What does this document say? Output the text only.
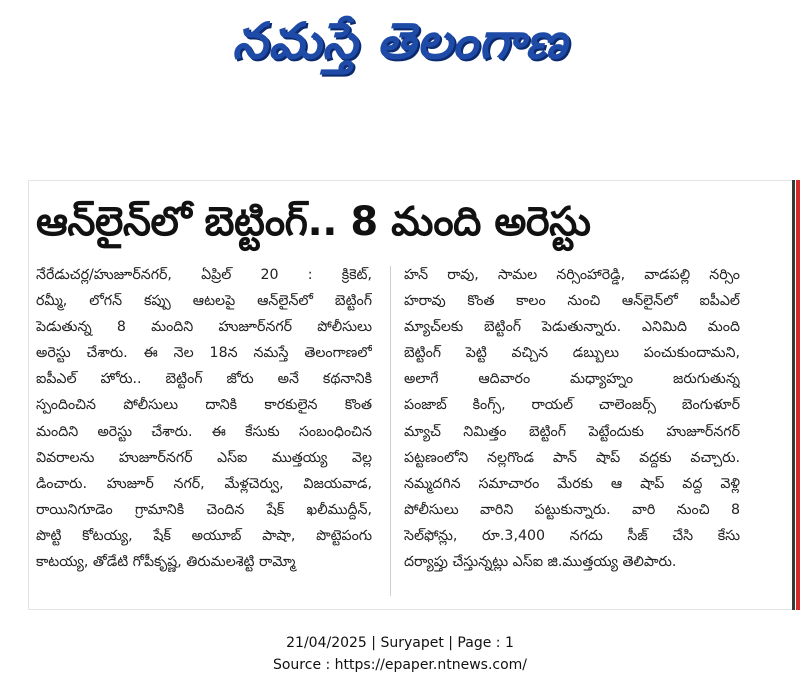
నమస్తే తెలంగాణ
ఆన్‌లైన్‌లో బెట్టింగ్.. 8 మంది అరెస్టు
నేరేడుచర్ల/హుజూర్‌నగర్, ఏప్రిల్ 20 : క్రికెట్,
రమ్మీ, లోగన్ కప్పు ఆటలపై ఆన్‌లైన్‌లో బెట్టింగ్
పెడుతున్న 8 మందిని హుజూర్‌నగర్ పోలీసులు
అరెస్టు చేశారు. ఈ నెల 18న నమస్తే తెలంగాణలో
ఐపీఎల్ హోరు.. బెట్టింగ్ జోరు అనే కథనానికి
స్పందించిన పోలీసులు దానికి కారకులైన కొంత
మందిని అరెస్టు చేశారు. ఈ కేసుకు సంబంధించిన
వివరాలను హుజూర్‌నగర్ ఎస్ఐ ముత్తయ్య వెల్ల
డించారు. హుజూర్ నగర్, మేళ్లచెర్వు, విజయవాడ,
రాయినిగూడెం గ్రామానికి చెందిన షేక్ ఖలీముద్దీన్,
పొట్టి కోటయ్య, షేక్ అయూబ్ పాషా, పొట్టెపంగు
కాటయ్య, తోడేటి గోపీకృష్ణ, తిరుమలశెట్టి రామ్మో
హన్ రావు, సామల నర్సింహారెడ్డి, వాడపల్లి నర్సిం
హరావు కొంత కాలం నుంచి ఆన్‌లైన్‌లో ఐపీఎల్
మ్యాచ్‌లకు బెట్టింగ్ పెడుతున్నారు. ఎనిమిది మంది
బెట్టింగ్ పెట్టి వచ్చిన డబ్బులు పంచుకుందామని,
అలాగే ఆదివారం మధ్యాహ్నం జరుగుతున్న
పంజాబ్ కింగ్స్, రాయల్ చాలెంజర్స్ బెంగుళూర్
మ్యాచ్ నిమిత్తం బెట్టింగ్ పెట్టేందుకు హుజూర్‌నగర్
పట్టణంలోని నల్లగొండ పాన్ షాప్ వద్దకు వచ్చారు.
నమ్మదగిన సమాచారం మేరకు ఆ షాప్ వద్ద వెళ్లి
పోలీసులు వారిని పట్టుకున్నారు. వారి నుంచి 8
సెల్‌ఫోన్లు, రూ.3,400 నగదు సీజ్ చేసి కేసు
దర్యాప్తు చేస్తున్నట్లు ఎస్ఐ జి.ముత్తయ్య తెలిపారు.
21/04/2025 | Suryapet | Page : 1
Source : https://epaper.ntnews.com/
